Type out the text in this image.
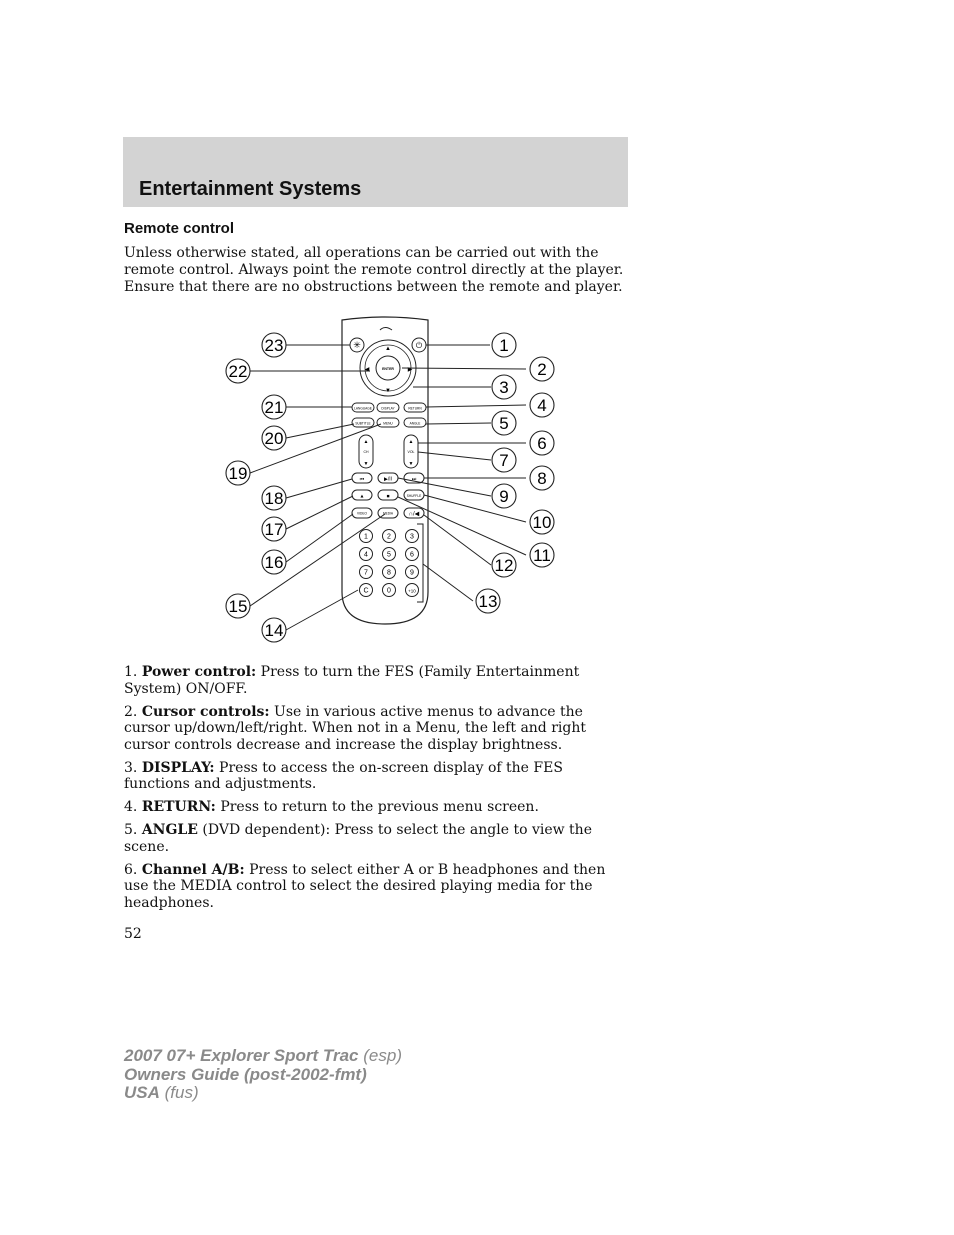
Entertainment Systems
Remote control

Unless otherwise stated, all operations can be carried out with the remote control. Always point the remote control directly at the player. Ensure that there are no obstructions between the remote and player.

✳	⏻
ENTER
▲
▼
◀	▶
LANGUAGE	DISPLAY	RETURN
SUBTITLE	MENU	ANGLE
▲
CH
▼
▲
VOL
▼
⏮	▶/II	⏭
▲	■	SHUFFLE
VIDEO	MEDIA	∩/◀
1	2	3
4	5	6
7	8	9
C	0	+10
23
22
21
20
19
18
17
16
15
14
1
2
3
4
5
6
7
8
9
10
11
12
13
1. Power control: Press to turn the FES (Family Entertainment System) ON/OFF.
2. Cursor controls: Use in various active menus to advance the cursor up/down/left/right. When not in a Menu, the left and right cursor controls decrease and increase the display brightness.
3. DISPLAY: Press to access the on-screen display of the FES functions and adjustments.
4. RETURN: Press to return to the previous menu screen.
5. ANGLE (DVD dependent): Press to select the angle to view the scene.
6. Channel A/B: Press to select either A or B headphones and then use the MEDIA control to select the desired playing media for the headphones.
52
2007 07+ Explorer Sport Trac (esp)
Owners Guide (post-2002-fmt)
USA (fus)
